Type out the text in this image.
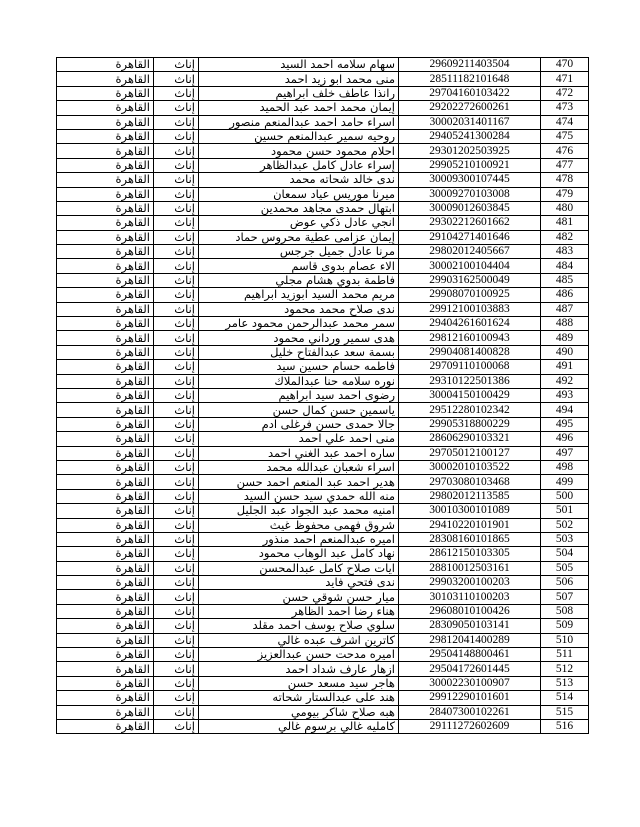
القاهرة	إناث	سهام سلامه احمد السيد	29609211403504	470
القاهرة	إناث	منى محمد ابو زيد احمد	28511182101648	471
القاهرة	إناث	رانذا عاطف خلف ابراهيم	29704160103422	472
القاهرة	إناث	إيمان محمد احمد عبد الحميد	29202272600261	473
القاهرة	إناث	اسراء حامد احمد عبدالمنعم منصور	30002031401167	474
القاهرة	إناث	روحيه سمير عبدالمنعم حسين	29405241300284	475
القاهرة	إناث	احلام محمود حسن محمود	29301202503925	476
القاهرة	إناث	إسراء عادل كامل عبدالظاهر	29905210100921	477
القاهرة	إناث	ندى خالد شحاته محمد	30009300107445	478
القاهرة	إناث	ميرنا موريس عياد سمعان	30009270103008	479
القاهرة	إناث	ابتهال حمدى مجاهد محمدين	30009012603845	480
القاهرة	إناث	انجي عادل ذكي عوض	29302212601662	481
القاهرة	إناث	إيمان عزامى عطية محروس حماد	29104271401646	482
القاهرة	إناث	مرنا عادل جميل جرجس	29802012405667	483
القاهرة	إناث	الاء عصام بدوى قاسم	30002100104404	484
القاهرة	إناث	فاطمة بدوي هشام مجلي	29903162500049	485
القاهرة	إناث	مريم محمد السيد ابوزيد ابراهيم	29908070100925	486
القاهرة	إناث	ندى صلاح محمد محمود	29912100103883	487
القاهرة	إناث	سمر محمد عبدالرحمن محمود عامر	29404261601624	488
القاهرة	إناث	هدى سمير ورداني محمود	29812160100943	489
القاهرة	إناث	بسمة سعد عبدالفتاح خليل	29904081400828	490
القاهرة	إناث	فاطمه حسام حسين سيد	29709110100068	491
القاهرة	إناث	نوره سلامه حنا عبدالملاك	29310122501386	492
القاهرة	إناث	رضوى احمد سيد ابراهيم	30004150100429	493
القاهرة	إناث	ياسمين حسن كمال حسن	29512280102342	494
القاهرة	إناث	جالا حمدى حسن فرغلى ادم	29905318800229	495
القاهرة	إناث	منى احمد علي احمد	28606290103321	496
القاهرة	إناث	ساره احمد عبد الغني احمد	29705012100127	497
القاهرة	إناث	اسراء شعبان عبدالله محمد	30002010103522	498
القاهرة	إناث	هدير احمد عبد المنعم احمد حسن	29703080103468	499
القاهرة	إناث	منه الله حمدي سيد حسن السيد	29802012113585	500
القاهرة	إناث	امنيه محمد عبد الجواد عبد الجليل	30010300101089	501
القاهرة	إناث	شروق فهمى محفوظ غيث	29410220101901	502
القاهرة	إناث	اميره عبدالمنعم احمد منذور	28308160101865	503
القاهرة	إناث	نهاد كامل عبد الوهاب محمود	28612150103305	504
القاهرة	إناث	ايات صلاح كامل عبدالمحسن	28810012503161	505
القاهرة	إناث	ندى فتحي فايد	29903200100203	506
القاهرة	إناث	ميار حسن شوقي حسن	30103110100203	507
القاهرة	إناث	هناء رضا احمد الظاهر	29608010100426	508
القاهرة	إناث	سلوي صلاح يوسف احمد مقلد	28309050103141	509
القاهرة	إناث	كاترين اشرف عبده غالي	29812041400289	510
القاهرة	إناث	اميره مدحت حسن عبدالعزيز	29504148800461	511
القاهرة	إناث	ازهار عارف شداد احمد	29504172601445	512
القاهرة	إناث	هاجر سيد مسعد حسن	30002230100907	513
القاهرة	إناث	هند على عبدالستار شحاته	29912290101601	514
القاهرة	إناث	هبه صلاح شاكر بيومي	28407300102261	515
القاهرة	إناث	كامليه غالي برسوم غالي	29111272602609	516
